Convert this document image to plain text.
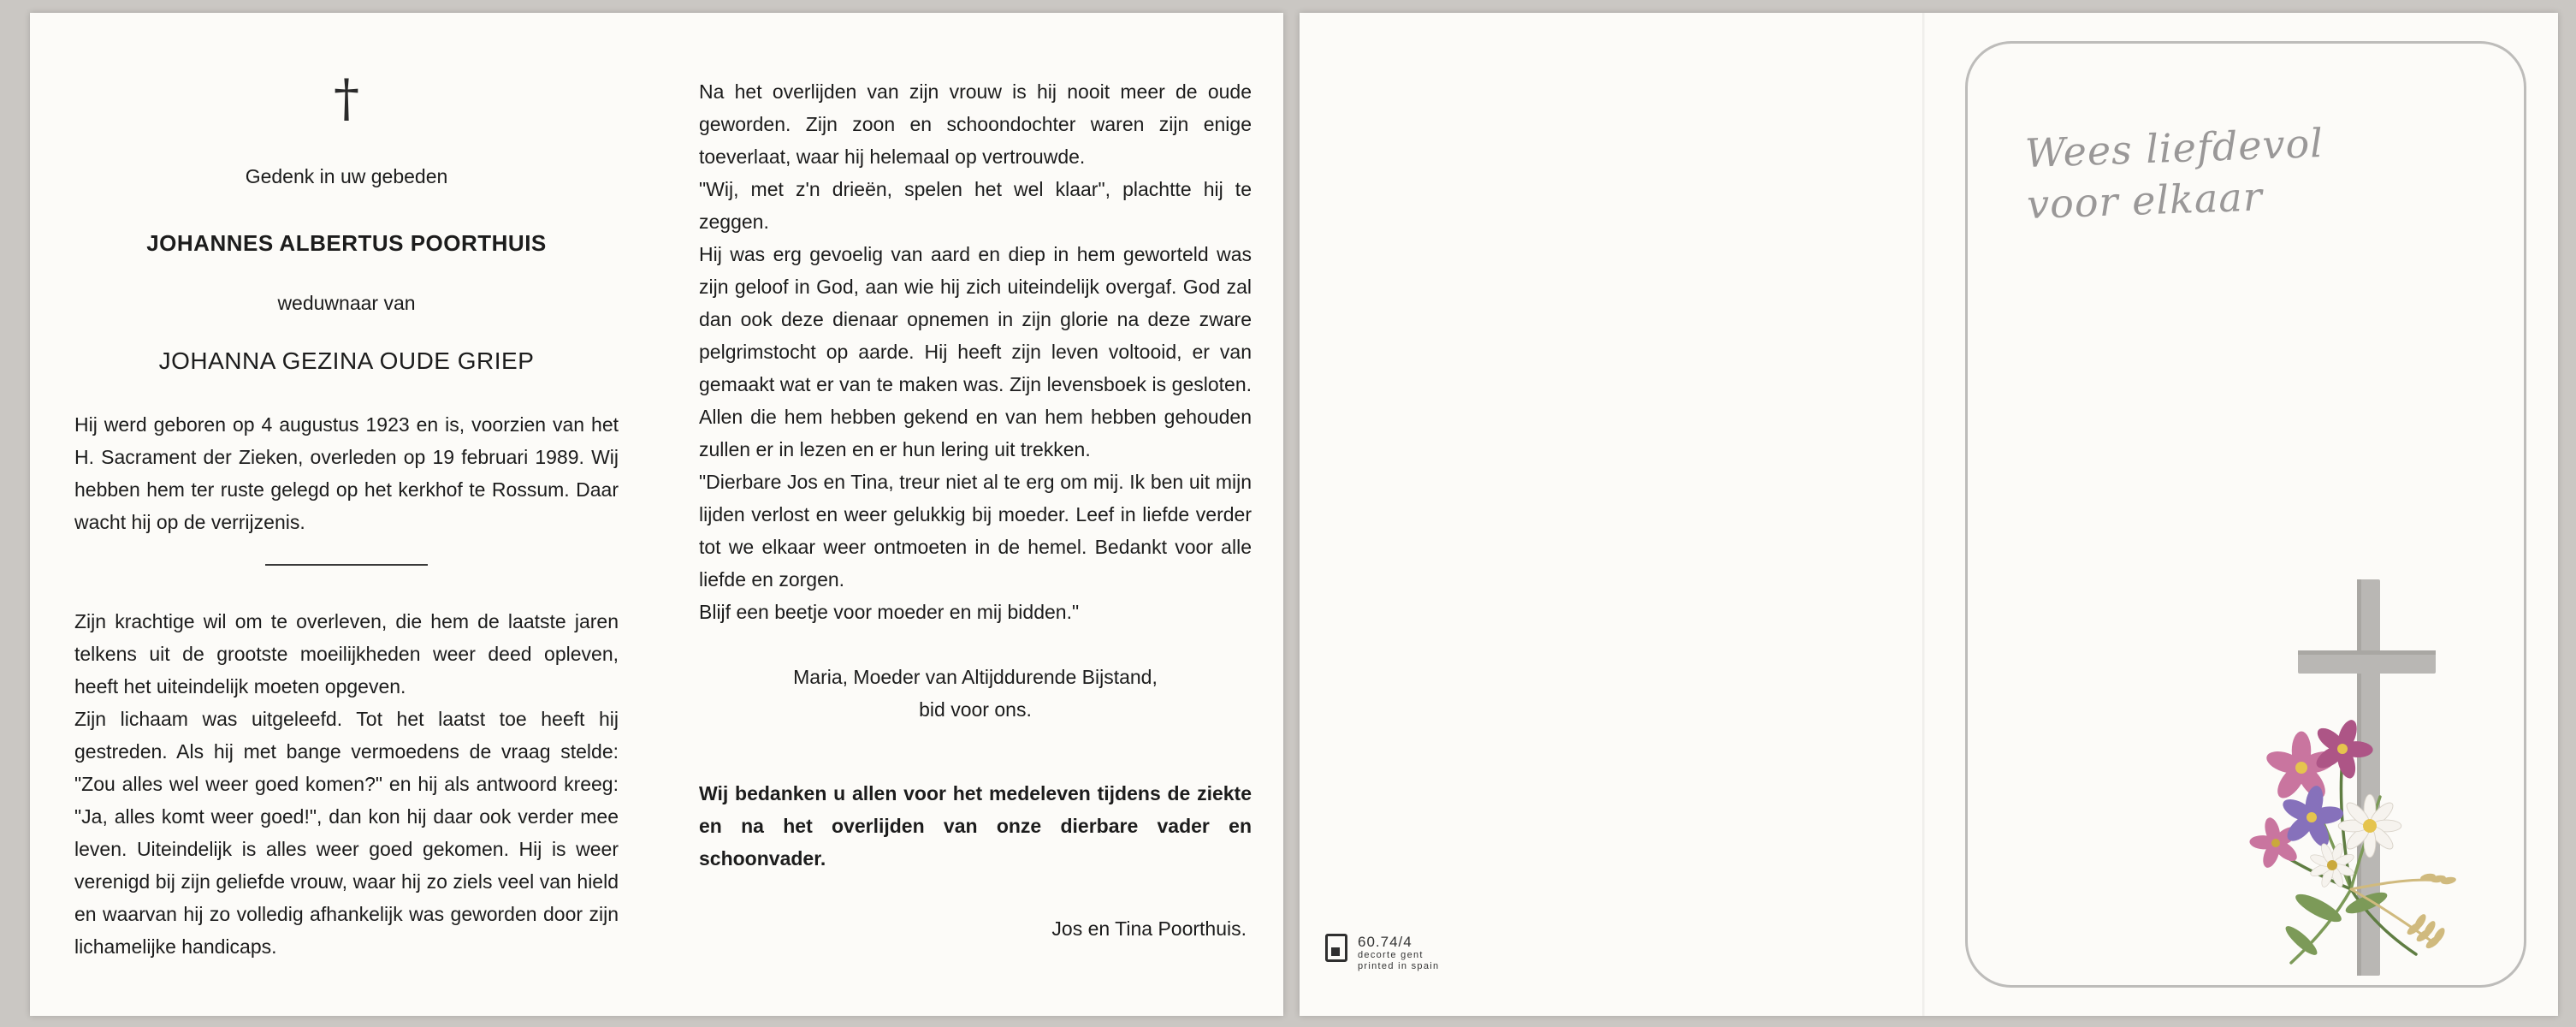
†
Gedenk in uw gebeden
JOHANNES ALBERTUS POORTHUIS
weduwnaar van
JOHANNA GEZINA OUDE GRIEP

Hij werd geboren op 4 augustus 1923 en is, voorzien van het H. Sacrament der Zieken, overleden op 19 februari 1989. Wij hebben hem ter ruste gelegd op het kerkhof te Rossum. Daar wacht hij op de verrijzenis.

Zijn krachtige wil om te overleven, die hem de laatste jaren telkens uit de grootste moeilijkheden weer deed opleven, heeft het uiteindelijk moeten opgeven.

Zijn lichaam was uitgeleefd. Tot het laatst toe heeft hij gestreden. Als hij met bange vermoedens de vraag stelde: "Zou alles wel weer goed komen?" en hij als antwoord kreeg: "Ja, alles komt weer goed!", dan kon hij daar ook verder mee leven. Uiteindelijk is alles weer goed gekomen. Hij is weer verenigd bij zijn geliefde vrouw, waar hij zo ziels veel van hield en waarvan hij zo volledig afhankelijk was geworden door zijn lichamelijke handicaps.

Na het overlijden van zijn vrouw is hij nooit meer de oude geworden. Zijn zoon en schoondochter waren zijn enige toeverlaat, waar hij helemaal op vertrouwde.

"Wij, met z'n drieën, spelen het wel klaar", plachtte hij te zeggen.

Hij was erg gevoelig van aard en diep in hem geworteld was zijn geloof in God, aan wie hij zich uiteindelijk overgaf. God zal dan ook deze dienaar opnemen in zijn glorie na deze zware pelgrimstocht op aarde. Hij heeft zijn leven voltooid, er van gemaakt wat er van te maken was. Zijn levensboek is gesloten. Allen die hem hebben gekend en van hem hebben gehouden zullen er in lezen en er hun lering uit trekken.

"Dierbare Jos en Tina, treur niet al te erg om mij. Ik ben uit mijn lijden verlost en weer gelukkig bij moeder. Leef in liefde verder tot we elkaar weer ontmoeten in de hemel. Bedankt voor alle liefde en zorgen.

Blijf een beetje voor moeder en mij bidden."

Maria, Moeder van Altijddurende Bijstand,
bid voor ons.

Wij bedanken u allen voor het medeleven tijdens de ziekte en na het overlijden van onze dierbare vader en schoonvader.

Jos en Tina Poorthuis.
60.74/4
decorte gent
printed in spain
Wees liefdevol
voor elkaar
